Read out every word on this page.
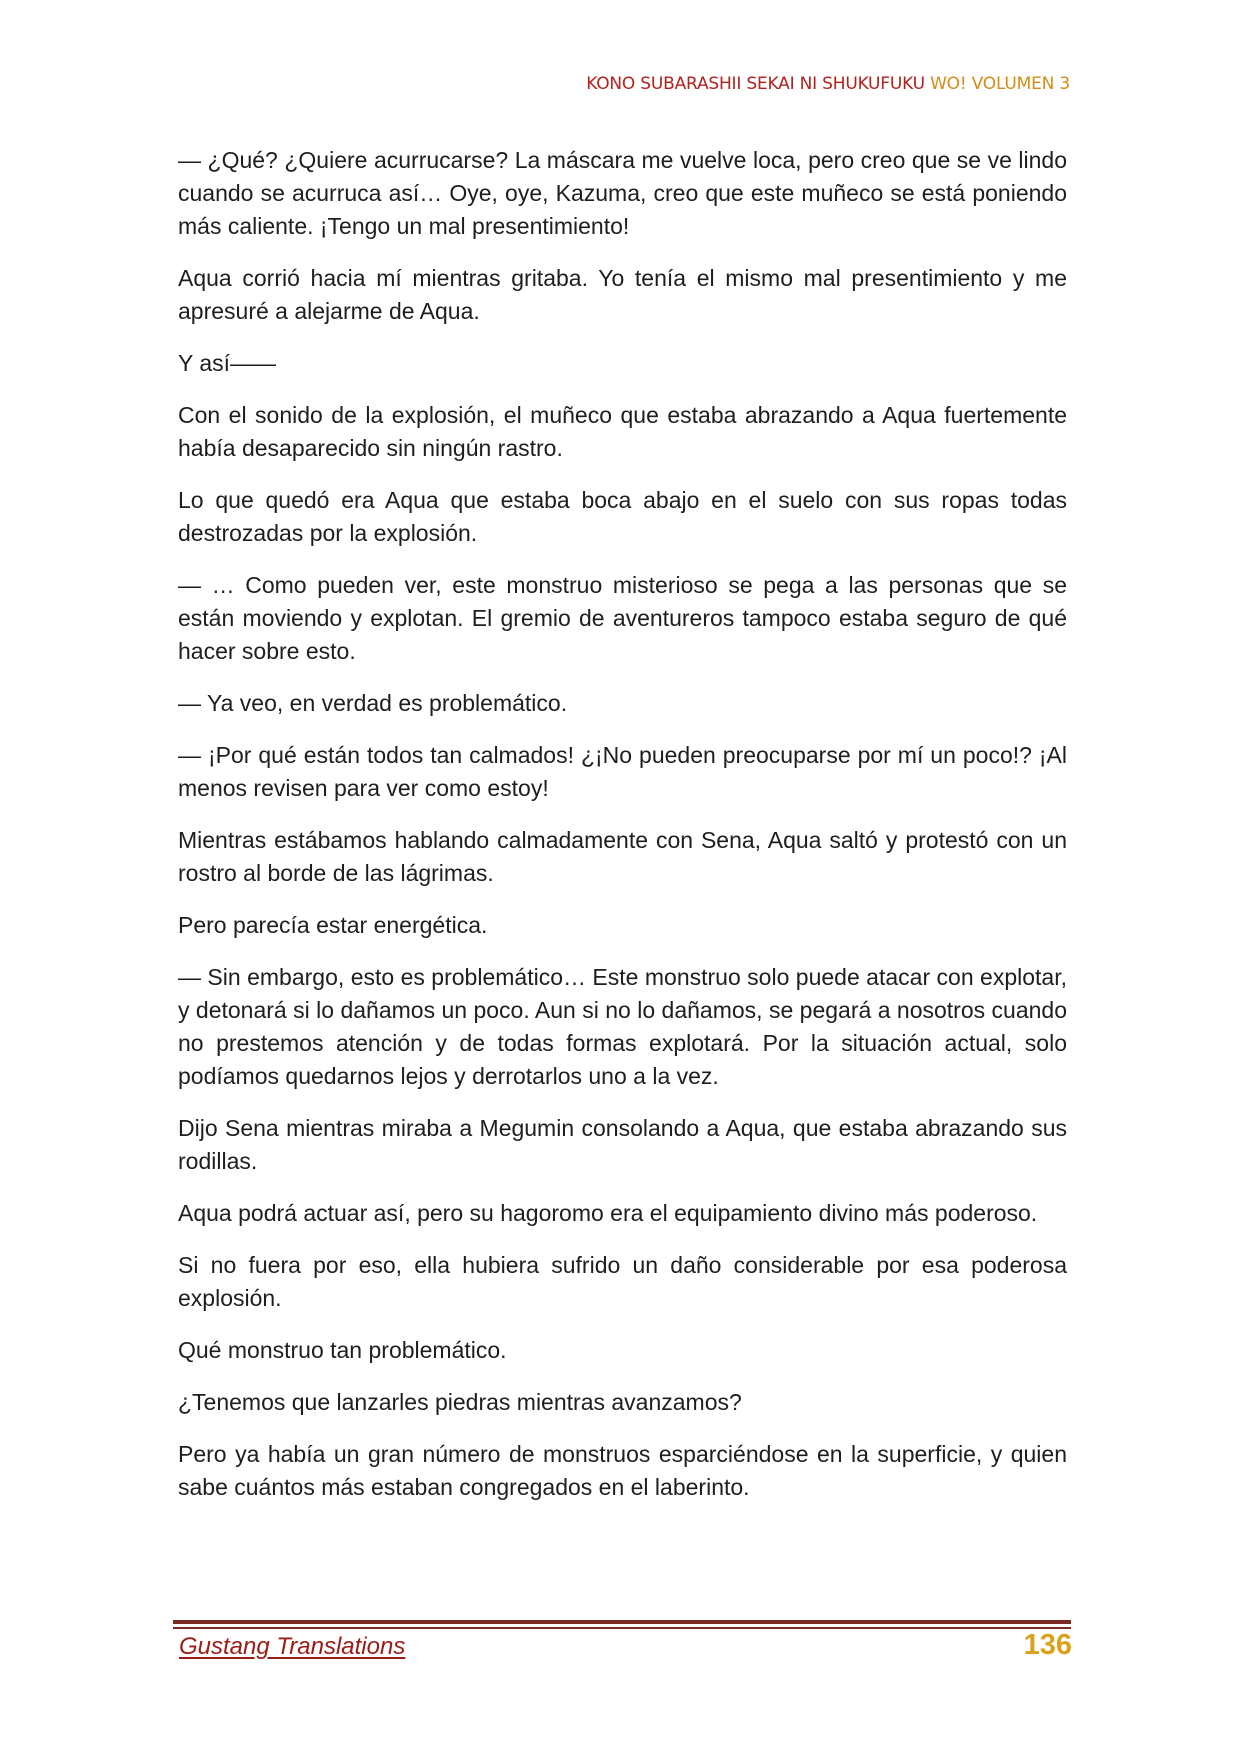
KONO SUBARASHII SEKAI NI SHUKUFUKU WO! VOLUMEN 3

— ¿Qué? ¿Quiere acurrucarse? La máscara me vuelve loca, pero creo que se ve lindo cuando se acurruca así… Oye, oye, Kazuma, creo que este muñeco se está poniendo más caliente. ¡Tengo un mal presentimiento!

Aqua corrió hacia mí mientras gritaba. Yo tenía el mismo mal presentimiento y me apresuré a alejarme de Aqua.

Y así——

Con el sonido de la explosión, el muñeco que estaba abrazando a Aqua fuertemente había desaparecido sin ningún rastro.

Lo que quedó era Aqua que estaba boca abajo en el suelo con sus ropas todas destrozadas por la explosión.

— … Como pueden ver, este monstruo misterioso se pega a las personas que se están moviendo y explotan. El gremio de aventureros tampoco estaba seguro de qué hacer sobre esto.

— Ya veo, en verdad es problemático.

— ¡Por qué están todos tan calmados! ¿¡No pueden preocuparse por mí un poco!? ¡Al menos revisen para ver como estoy!

Mientras estábamos hablando calmadamente con Sena, Aqua saltó y protestó con un rostro al borde de las lágrimas.

Pero parecía estar energética.

— Sin embargo, esto es problemático… Este monstruo solo puede atacar con explotar, y detonará si lo dañamos un poco. Aun si no lo dañamos, se pegará a nosotros cuando no prestemos atención y de todas formas explotará. Por la situación actual, solo podíamos quedarnos lejos y derrotarlos uno a la vez.

Dijo Sena mientras miraba a Megumin consolando a Aqua, que estaba abrazando sus rodillas.

Aqua podrá actuar así, pero su hagoromo era el equipamiento divino más poderoso.

Si no fuera por eso, ella hubiera sufrido un daño considerable por esa poderosa explosión.

Qué monstruo tan problemático.

¿Tenemos que lanzarles piedras mientras avanzamos?

Pero ya había un gran número de monstruos esparciéndose en la superficie, y quien sabe cuántos más estaban congregados en el laberinto.

Gustang Translations	136
